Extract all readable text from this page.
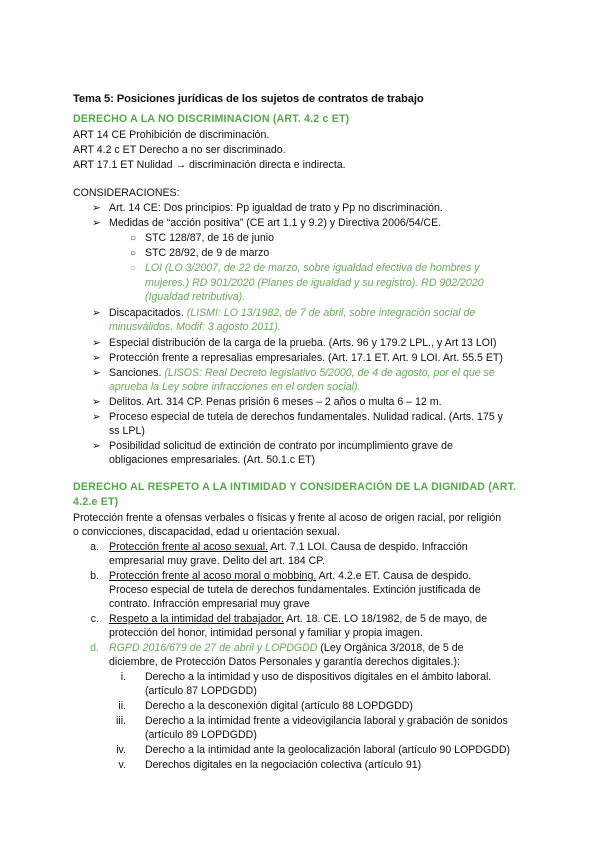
Tema 5: Posiciones jurídicas de los sujetos de contratos de trabajo
DERECHO A LA NO DISCRIMINACION (ART. 4.2 c ET)
ART 14 CE Prohibición de discriminación.
ART 4.2 c ET Derecho a no ser discriminado.
ART 17.1 ET Nulidad → discriminación directa e indirecta.
CONSIDERACIONES:
➢ Art. 14 CE: Dos principios: Pp igualdad de trato y Pp no discriminación.
➢ Medidas de “acción positiva” (CE art 1.1 y 9.2) y Directiva 2006/54/CE.
○ STC 128/87, de 16 de junio
○ STC 28/92, de 9 de marzo
○ LOI (LO 3/2007, de 22 de marzo, sobre igualdad efectiva de hombres y
mujeres.) RD 901/2020 (Planes de igualdad y su registro). RD 902/2020
(Igualdad retributiva).
➢ Discapacitados. (LISMI: LO 13/1982, de 7 de abril, sobre integración social de
minusválidos. Modif: 3 agosto 2011).
➢ Especial distribución de la carga de la prueba. (Arts. 96 y 179.2 LPL., y Art 13 LOI)
➢ Protección frente a represalias empresariales. (Art. 17.1 ET. Art. 9 LOI. Art. 55.5 ET)
➢ Sanciones. (LISOS: Real Decreto legislativo 5/2000, de 4 de agosto, por el que se
aprueba la Ley sobre infracciones en el orden social).
➢ Delitos. Art. 314 CP. Penas prisión 6 meses – 2 años o multa 6 – 12 m.
➢ Proceso especial de tutela de derechos fundamentales. Nulidad radical. (Arts. 175 y
ss LPL)
➢ Posibilidad solicitud de extinción de contrato por incumplimiento grave de
obligaciones empresariales. (Art. 50.1.c ET)
DERECHO AL RESPETO A LA INTIMIDAD Y CONSIDERACIÓN DE LA DIGNIDAD (ART.
4.2.e ET)
Protección frente a ofensas verbales o físicas y frente al acoso de origen racial, por religión
o convicciones, discapacidad, edad u orientación sexual.
a. Protección frente al acoso sexual. Art. 7.1 LOI. Causa de despido. Infracción
empresarial muy grave. Delito del art. 184 CP.
b. Protección frente al acoso moral o mobbing. Art. 4.2.e ET. Causa de despido.
Proceso especial de tutela de derechos fundamentales. Extinción justificada de
contrato. Infracción empresarial muy grave
c. Respeto a la intimidad del trabajador. Art. 18. CE. LO 18/1982, de 5 de mayo, de
protección del honor, intimidad personal y familiar y propia imagen.
d. RGPD 2016/679 de 27 de abril y LOPDGDD (Ley Orgánica 3/2018, de 5 de
diciembre, de Protección Datos Personales y garantía derechos digitales.):
i. Derecho a la intimidad y uso de dispositivos digitales en el ámbito laboral.
(artículo 87 LOPDGDD)
ii. Derecho a la desconexión digital (artículo 88 LOPDGDD)
iii. Derecho a la intimidad frente a videovigilancia laboral y grabación de sonidos
(artículo 89 LOPDGDD)
iv. Derecho a la intimidad ante la geolocalización laboral (artículo 90 LOPDGDD)
v. Derechos digitales en la negociación colectiva (artículo 91)
